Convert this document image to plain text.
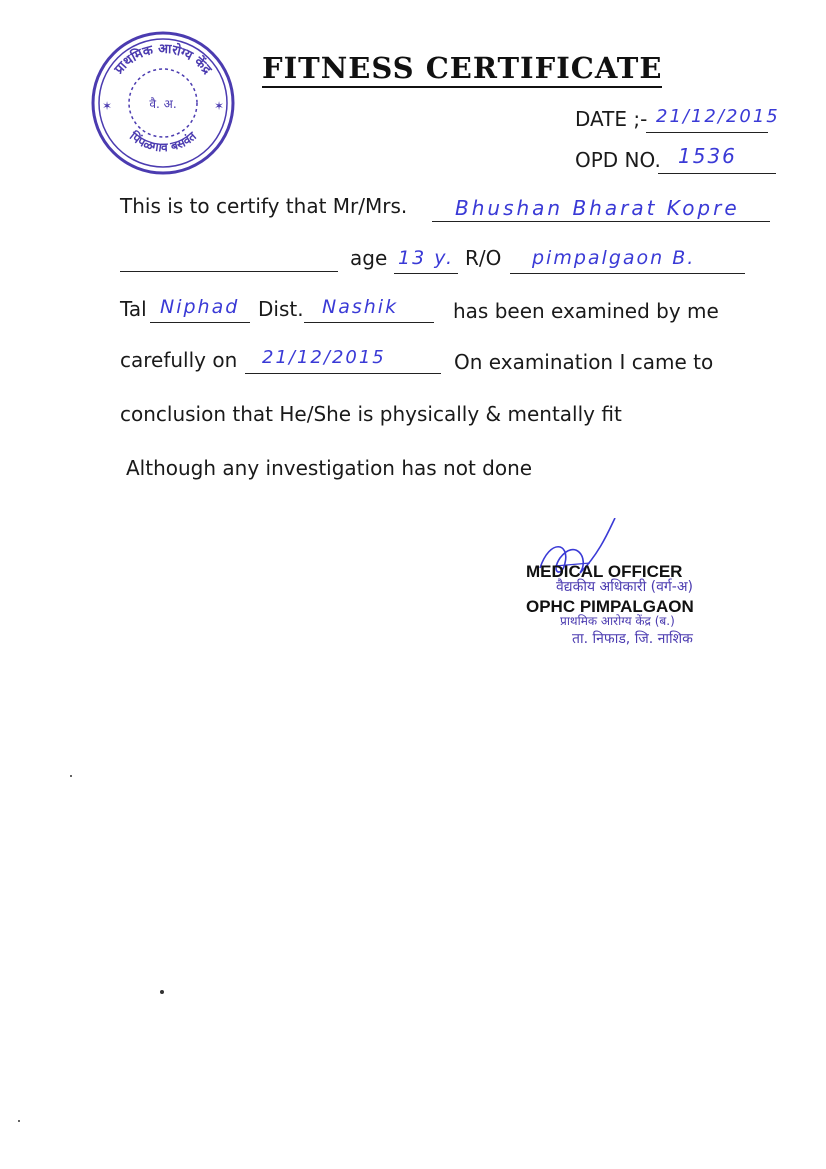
प्राथमिक आरोग्य केंद्र
पिंपळगाव बसवंत
वै. अ.
✶	✶
FITNESS CERTIFICATE
DATE ;- 21/12/2015
OPD NO. 1536
This is to certify that Mr/Mrs. Bhushan Bharat Kopre
age 13 y. R/O pimpalgaon B.
Tal Niphad Dist. Nashik	has been examined by me
carefully on 21/12/2015	On examination I came to
conclusion that He/She is physically & mentally fit
Although any investigation has not done
MEDICAL OFFICER
वैद्यकीय अधिकारी (वर्ग-अ)
OPHC PIMPALGAON
प्राथमिक आरोग्य केंद्र (ब.)
ता. निफाड, जि. नाशिक
